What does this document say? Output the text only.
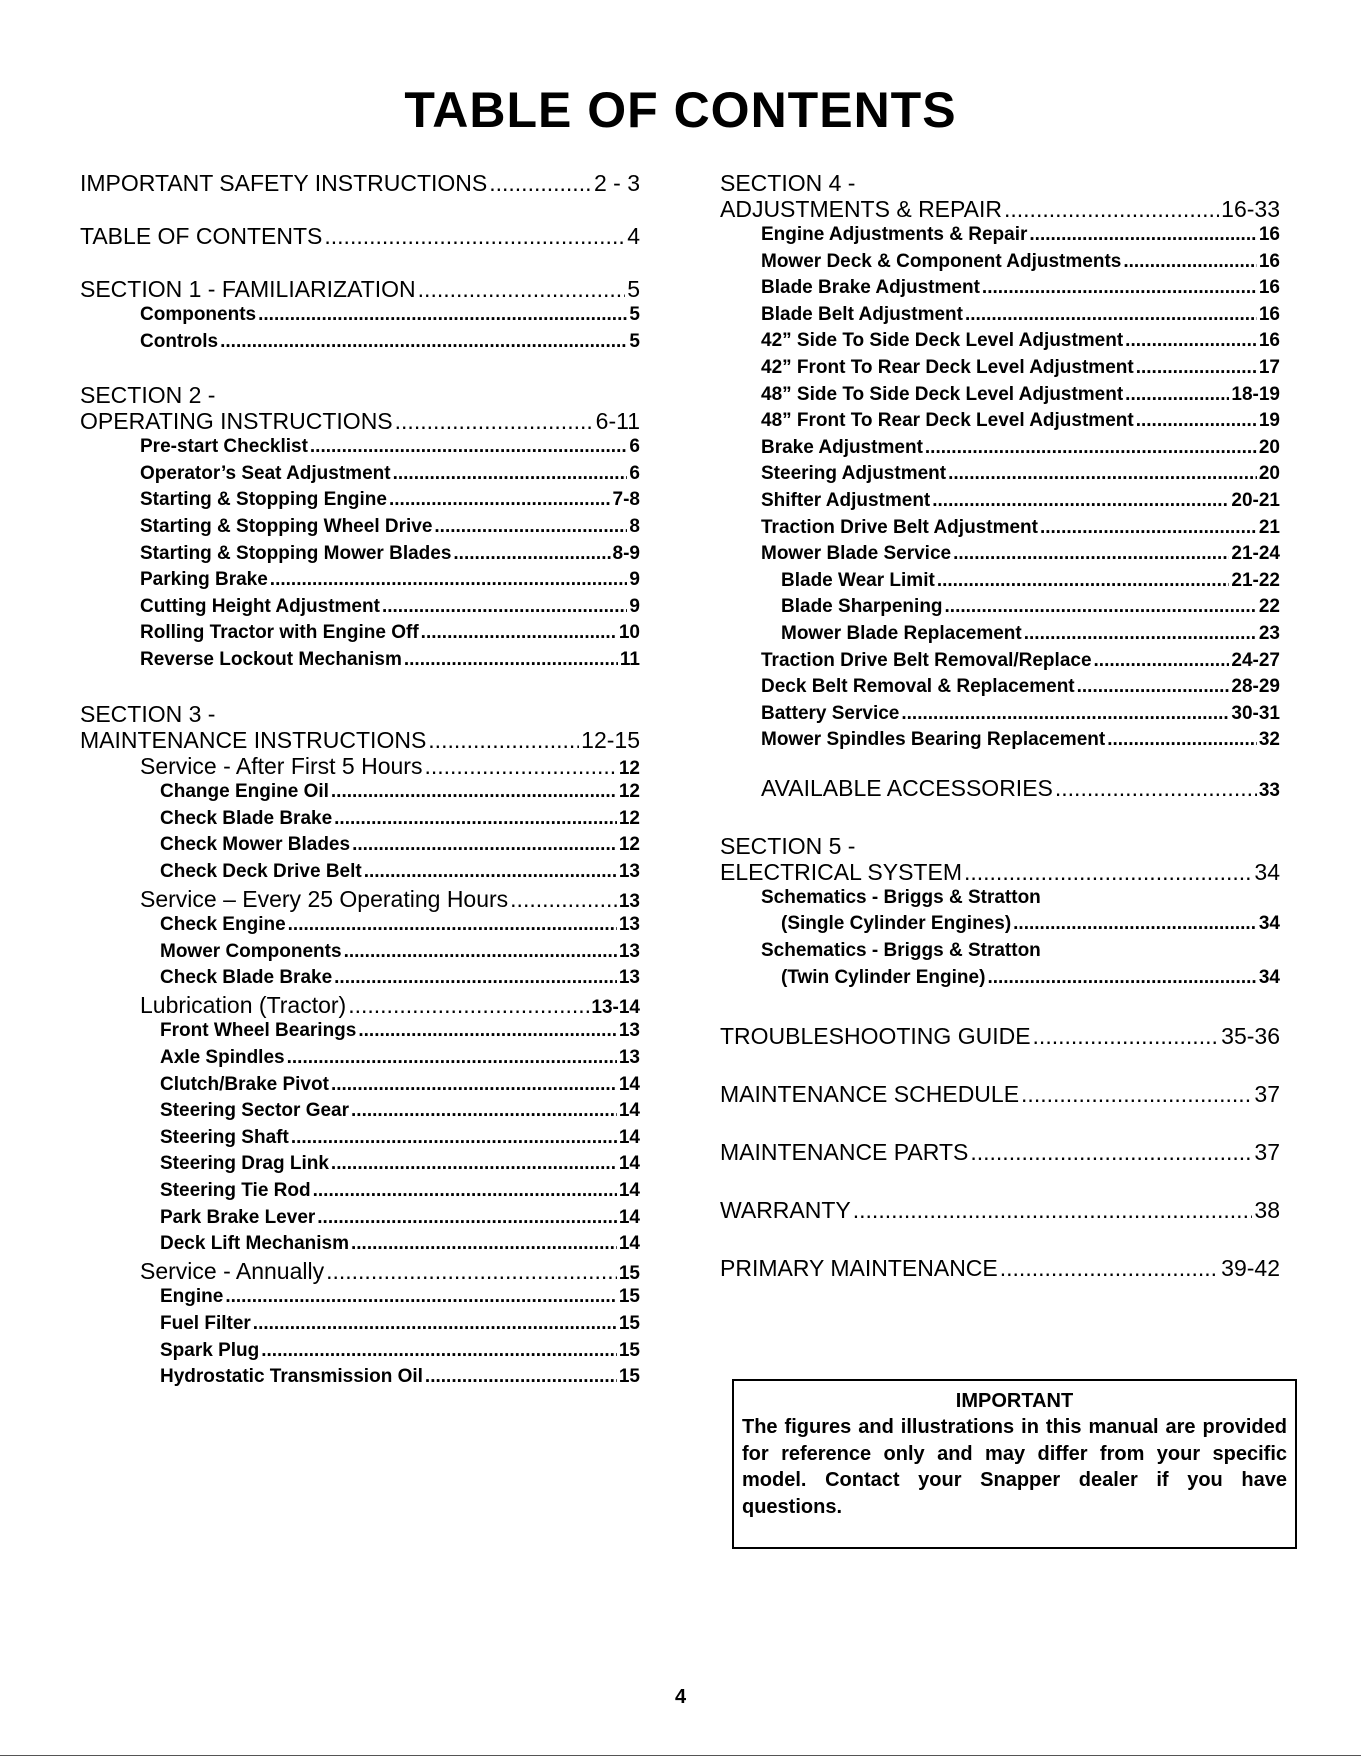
TABLE OF CONTENTS
IMPORTANT SAFETY INSTRUCTIONS .....	2 - 3
TABLE OF CONTENTS .....	4
SECTION 1 - FAMILIARIZATION .....	5
Components .....	5
Controls .....	5
SECTION 2 -
OPERATING INSTRUCTIONS .....	6-11
Pre-start Checklist .....	6
Operator’s Seat Adjustment .....	6
Starting & Stopping Engine .....	7-8
Starting & Stopping Wheel Drive .....	8
Starting & Stopping Mower Blades .....	8-9
Parking Brake .....	9
Cutting Height Adjustment .....	9
Rolling Tractor with Engine Off .....	10
Reverse Lockout Mechanism .....	11
SECTION 3 -
MAINTENANCE INSTRUCTIONS .....	12-15
Service - After First 5 Hours .....	12
Change Engine Oil .....	12
Check Blade Brake .....	12
Check Mower Blades .....	12
Check Deck Drive Belt .....	13
Service – Every 25 Operating Hours .....	13
Check Engine .....	13
Mower Components .....	13
Check Blade Brake .....	13
Lubrication (Tractor) .....	13-14
Front Wheel Bearings .....	13
Axle Spindles .....	13
Clutch/Brake Pivot .....	14
Steering Sector Gear .....	14
Steering Shaft .....	14
Steering Drag Link .....	14
Steering Tie Rod .....	14
Park Brake Lever .....	14
Deck Lift Mechanism .....	14
Service - Annually .....	15
Engine .....	15
Fuel Filter .....	15
Spark Plug .....	15
Hydrostatic Transmission Oil .....	15
SECTION 4 -
ADJUSTMENTS & REPAIR .....	16-33
Engine Adjustments & Repair .....	16
Mower Deck & Component Adjustments .....	16
Blade Brake Adjustment .....	16
Blade Belt Adjustment .....	16
42” Side To Side Deck Level Adjustment .....	16
42” Front To Rear Deck Level Adjustment .....	17
48” Side To Side Deck Level Adjustment .....	18-19
48” Front To Rear Deck Level Adjustment .....	19
Brake Adjustment .....	20
Steering Adjustment .....	20
Shifter Adjustment .....	20-21
Traction Drive Belt Adjustment .....	21
Mower Blade Service .....	21-24
Blade Wear Limit .....	21-22
Blade Sharpening .....	22
Mower Blade Replacement .....	23
Traction Drive Belt Removal/Replace .....	24-27
Deck Belt Removal & Replacement .....	28-29
Battery Service .....	30-31
Mower Spindles Bearing Replacement .....	32
AVAILABLE ACCESSORIES .....	33
SECTION 5 -
ELECTRICAL SYSTEM .....	34
Schematics - Briggs & Stratton
(Single Cylinder Engines) .....	34
Schematics - Briggs & Stratton
(Twin Cylinder Engine) .....	34
TROUBLESHOOTING GUIDE .....	35-36
MAINTENANCE SCHEDULE .....	37
MAINTENANCE PARTS .....	37
WARRANTY .....	38
PRIMARY MAINTENANCE .....	39-42
IMPORTANT
The figures and illustrations in this manual are provided for reference only and may differ from your specific model. Contact your Snapper dealer if you have questions.
4
